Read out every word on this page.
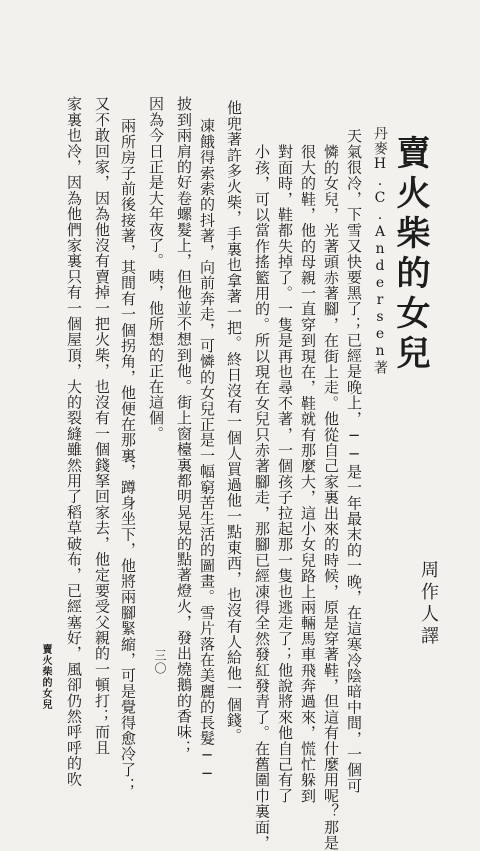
賣火柴的女兒
丹麥H.C.Andersen著
周作人譯
天氣很冷，下雪又快要黑了；已經是晚上，──是一年最末的一晚，在這寒冷陰暗中間，一個可
憐的女兒，光著頭赤著腳，在街上走。他從自己家裏出來的時候，原是穿著鞋，但這有什麼用呢？那是
很大的鞋，他的母親一直穿到現在，鞋就有那麼大，這小女兒路上兩輛馬車飛奔過來，慌忙躲到
對面時，鞋都失掉了。一隻是再也尋不著，一個孩子拉起那一隻也逃走了；他說將來他自己有了
小孩，可以當作搖籃用的。所以現在女兒只赤著腳走，那腳已經凍得全然發紅發青了。在舊圍巾裏面，
他兜著許多火柴，手裏也拿著一把。終日沒有一個人買過他一點東西，也沒有人給他一個錢。
凍餓得索索的抖著，向前奔走，可憐的女兒正是一幅窮苦生活的圖畫。雪片落在美麗的長髮──
披到兩肩的好卷螺髮上，但他並不想到他。街上窗檯裏都明晃晃的點著燈火，發出燒鵝的香味；
因為今日正是大年夜了。咦，他所想的正在這個。
兩所房子前後接著，其間有一個拐角，他便在那裏，蹲身坐下，他將兩腳緊縮，可是覺得愈冷了；
又不敢回家，因為他沒有賣掉一把火柴，也沒有一個錢拏回家去，他定要受父親的一頓打；而且
家裏也冷，因為他們家裏只有一個屋頂，大的裂縫雖然用了稻草破布，已經塞好，風卻仍然呼呼的吹
賣火柴的女兒	三〇
